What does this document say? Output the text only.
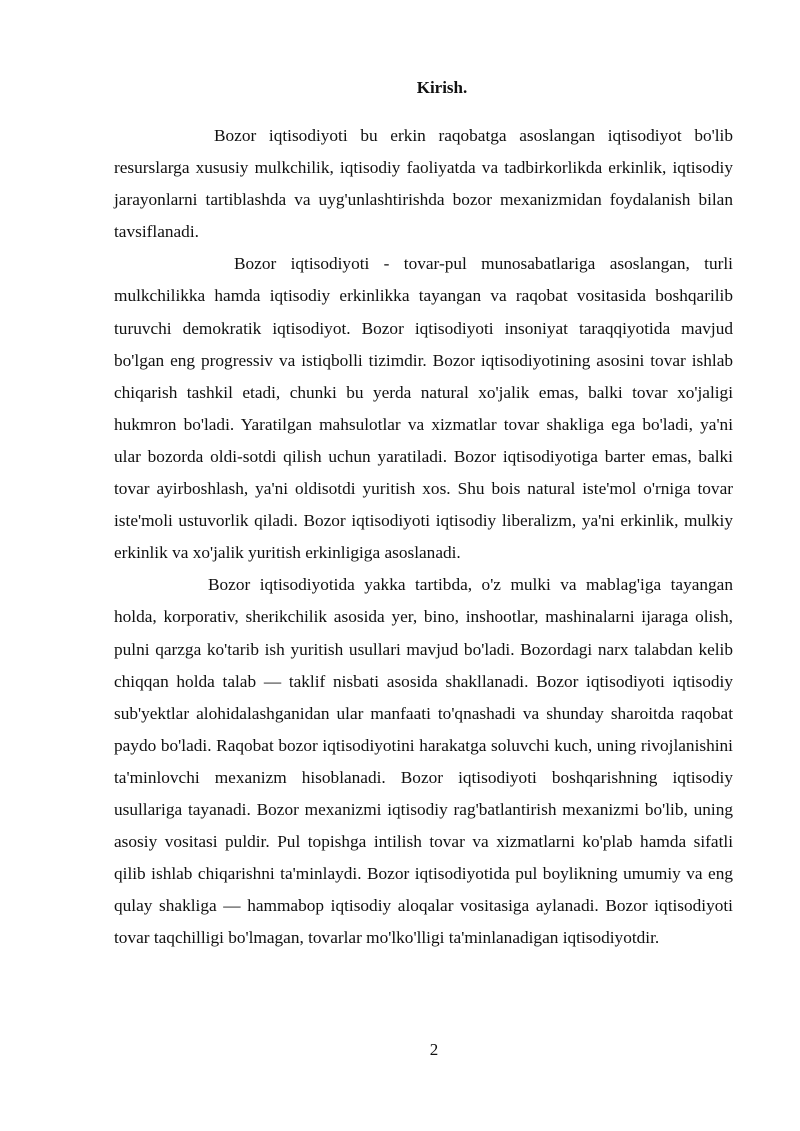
Kirish.

Bozor iqtisodiyoti bu erkin raqobatga asoslangan iqtisodiyot bo'lib resurslarga xususiy mulkchilik, iqtisodiy faoliyatda va tadbirkorlikda erkinlik, iqtisodiy jarayonlarni tartiblashda va uyg'unlashtirishda bozor mexanizmidan foydalanish bilan tavsiflanadi.

Bozor iqtisodiyoti - tovar-pul munosabatlariga asoslangan, turli mulkchilikka hamda iqtisodiy erkinlikka tayangan va raqobat vositasida boshqarilib turuvchi demokratik iqtisodiyot. Bozor iqtisodiyoti insoniyat taraqqiyotida mavjud bo'lgan eng progressiv va istiqbolli tizimdir. Bozor iqtisodiyotining asosini tovar ishlab chiqarish tashkil etadi, chunki bu yerda natural xo'jalik emas, balki tovar xo'jaligi hukmron bo'ladi. Yaratilgan mahsulotlar va xizmatlar tovar shakliga ega bo'ladi, ya'ni ular bozorda oldi-sotdi qilish uchun yaratiladi. Bozor iqtisodiyotiga barter emas, balki tovar ayirboshlash, ya'ni oldisotdi yuritish xos. Shu bois natural iste'mol o'rniga tovar iste'moli ustuvorlik qiladi. Bozor iqtisodiyoti iqtisodiy liberalizm, ya'ni erkinlik, mulkiy erkinlik va xo'jalik yuritish erkinligiga asoslanadi.

Bozor iqtisodiyotida yakka tartibda, o'z mulki va mablag'iga tayangan holda, korporativ, sherikchilik asosida yer, bino, inshootlar, mashinalarni ijaraga olish, pulni qarzga ko'tarib ish yuritish usullari mavjud bo'ladi. Bozordagi narx talabdan kelib chiqqan holda talab — taklif nisbati asosida shakllanadi. Bozor iqtisodiyoti iqtisodiy sub'yektlar alohidalashganidan ular manfaati to'qnashadi va shunday sharoitda raqobat paydo bo'ladi. Raqobat bozor iqtisodiyotini harakatga soluvchi kuch, uning rivojlanishini ta'minlovchi mexanizm hisoblanadi. Bozor iqtisodiyoti boshqarishning iqtisodiy usullariga tayanadi. Bozor mexanizmi iqtisodiy rag'batlantirish mexanizmi bo'lib, uning asosiy vositasi puldir. Pul topishga intilish tovar va xizmatlarni ko'plab hamda sifatli qilib ishlab chiqarishni ta'minlaydi. Bozor iqtisodiyotida pul boylikning umumiy va eng qulay shakliga — hammabop iqtisodiy aloqalar vositasiga aylanadi. Bozor iqtisodiyoti tovar taqchilligi bo'lmagan, tovarlar mo'lko'lligi ta'minlanadigan iqtisodiyotdir.

2
